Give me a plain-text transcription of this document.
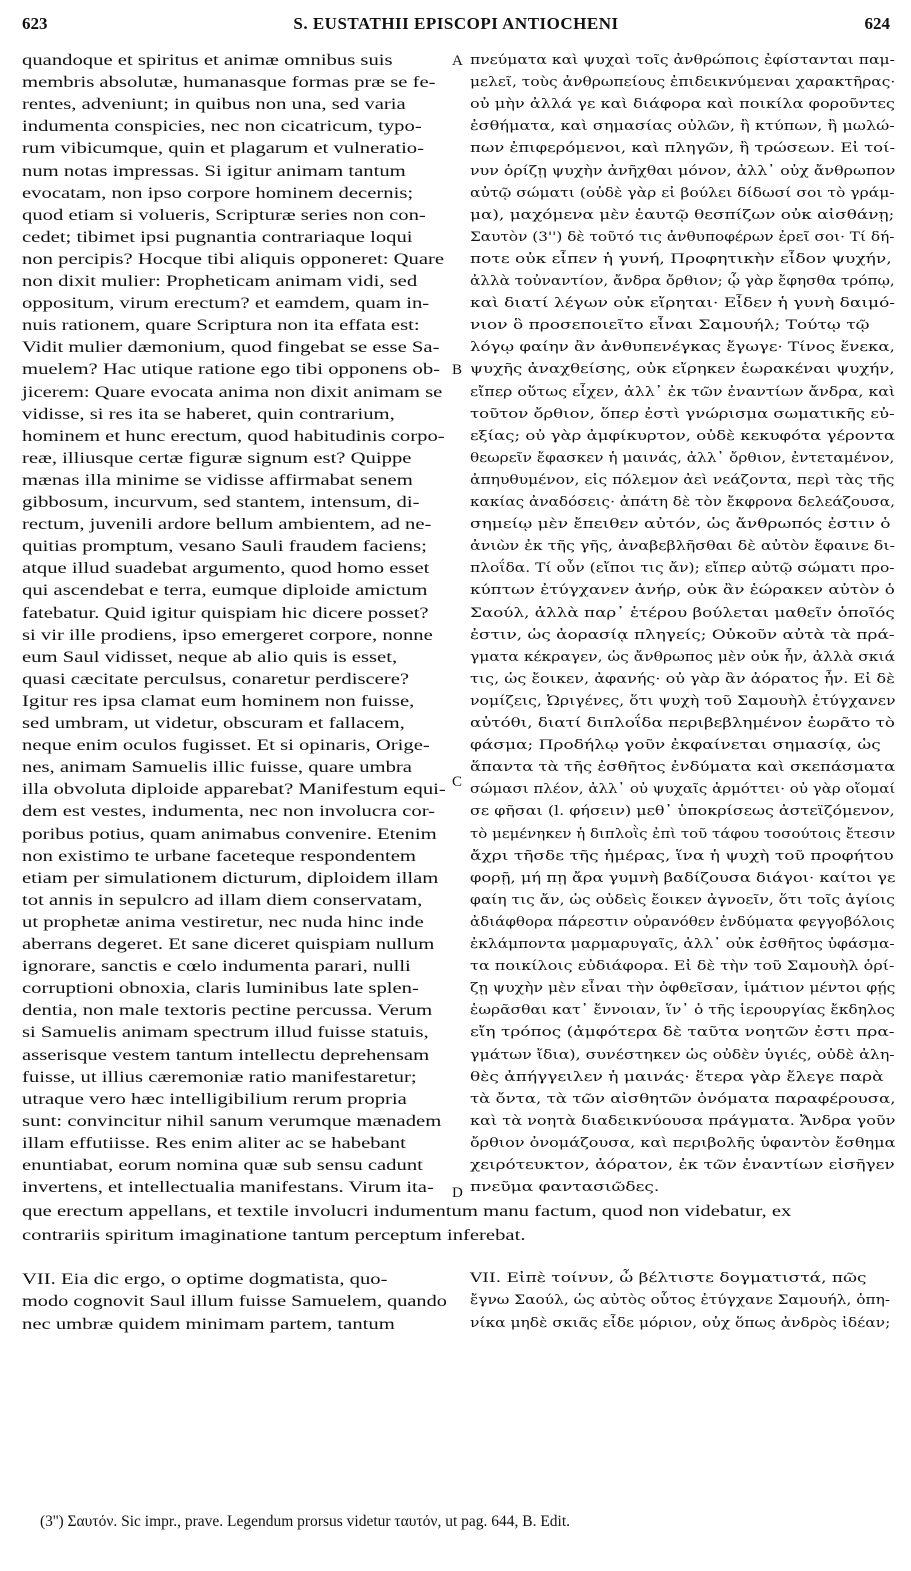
623	S. EUSTATHII EPISCOPI ANTIOCHENI	624
quandoque et spiritus et animæ omnibus suis
membris absolutæ, humanasque formas præ se fe-
rentes, adveniunt; in quibus non una, sed varia
indumenta conspicies, nec non cicatricum, typo-
rum vibicumque, quin et plagarum et vulneratio-
num notas impressas. Si igitur animam tantum
evocatam, non ipso corpore hominem decernis;
quod etiam si volueris, Scripturæ series non con-
cedet; tibimet ipsi pugnantia contrariaque loqui
non percipis? Hocque tibi aliquis opponeret: Quare
non dixit mulier: Propheticam animam vidi, sed
oppositum, virum erectum? et eamdem, quam in-
nuis rationem, quare Scriptura non ita effata est:
Vidit mulier dæmonium, quod fingebat se esse Sa-
muelem? Hac utique ratione ego tibi opponens ob-
jicerem: Quare evocata anima non dixit animam se
vidisse, si res ita se haberet, quin contrarium,
hominem et hunc erectum, quod habitudinis corpo-
reæ, illiusque certæ figuræ signum est? Quippe
mænas illa minime se vidisse affirmabat senem
gibbosum, incurvum, sed stantem, intensum, di-
rectum, juvenili ardore bellum ambientem, ad ne-
quitias promptum, vesano Sauli fraudem faciens;
atque illud suadebat argumento, quod homo esset
qui ascendebat e terra, eumque diploide amictum
fatebatur. Quid igitur quispiam hic dicere posset?
si vir ille prodiens, ipso emergeret corpore, nonne
eum Saul vidisset, neque ab alio quis is esset,
quasi cæcitate perculsus, conaretur perdiscere?
Igitur res ipsa clamat eum hominem non fuisse,
sed umbram, ut videtur, obscuram et fallacem,
neque enim oculos fugisset. Et si opinaris, Orige-
nes, animam Samuelis illic fuisse, quare umbra
illa obvoluta diploide apparebat? Manifestum equi-
dem est vestes, indumenta, nec non involucra cor-
poribus potius, quam animabus convenire. Etenim
non existimo te urbane faceteque respondentem
etiam per simulationem dicturum, diploidem illam
tot annis in sepulcro ad illam diem conservatam,
ut prophetæ anima vestiretur, nec nuda hinc inde
aberrans degeret. Et sane diceret quispiam nullum
ignorare, sanctis e cœlo indumenta parari, nulli
corruptioni obnoxia, claris luminibus late splen-
dentia, non male textoris pectine percussa. Verum
si Samuelis animam spectrum illud fuisse statuis,
asserisque vestem tantum intellectu deprehensam
fuisse, ut illius cæremoniæ ratio manifestaretur;
utraque vero hæc intelligibilium rerum propria
sunt: convincitur nihil sanum verumque mænadem
illam effutiisse. Res enim aliter ac se habebant
enuntiabat, eorum nomina quæ sub sensu cadunt
invertens, et intellectualia manifestans. Virum ita-
πνεύματα καὶ ψυχαὶ τοῖς ἀνθρώποις ἐφίστανται παμ-
μελεῖ, τοὺς ἀνθρωπείους ἐπιδεικνύμεναι χαρακτῆρας·
οὐ μὴν ἀλλά γε καὶ διάφορα καὶ ποικίλα φοροῦντες
ἐσθήματα, καὶ σημασίας οὐλῶν, ἢ κτύπων, ἢ μωλώ-
πων ἐπιφερόμενοι, καὶ πληγῶν, ἢ τρώσεων. Εἰ τοί-
νυν ὁρίζῃ ψυχὴν ἀνῆχθαι μόνον, ἀλλ᾽ οὐχ ἄνθρωπον
αὐτῷ σώματι (οὐδὲ γὰρ εἰ βούλει δίδωσί σοι τὸ γράμ-
μα), μαχόμενα μὲν ἑαυτῷ θεσπίζων οὐκ αἰσθάνῃ;
Σαυτὸν (3'') δὲ τοῦτό τις ἀνθυποφέρων ἐρεῖ σοι· Τί δή-
ποτε οὐκ εἶπεν ἡ γυνή, Προφητικὴν εἶδον ψυχήν,
ἀλλὰ τοὐναντίον, ἄνδρα ὄρθιον; ᾧ γὰρ ἔφησθα τρόπῳ,
καὶ διατί λέγων οὐκ εἴρηται· Εἶδεν ἡ γυνὴ δαιμό-
νιον ὃ προσεποιεῖτο εἶναι Σαμουήλ; Τούτῳ τῷ
λόγῳ φαίην ἂν ἀνθυπενέγκας ἔγωγε· Τίνος ἕνεκα,
ψυχῆς ἀναχθείσης, οὐκ εἴρηκεν ἑωρακέναι ψυχήν,
εἴπερ οὕτως εἶχεν, ἀλλ᾽ ἐκ τῶν ἐναντίων ἄνδρα, καὶ
τοῦτον ὄρθιον, ὅπερ ἐστὶ γνώρισμα σωματικῆς εὐ-
εξίας; οὐ γὰρ ἀμφίκυρτον, οὐδὲ κεκυφότα γέροντα
θεωρεῖν ἔφασκεν ἡ μαινάς, ἀλλ᾽ ὄρθιον, ἐντεταμένον,
ἀπηυθυμένον, εἰς πόλεμον ἀεὶ νεάζοντα, περὶ τὰς τῆς
κακίας ἀναδόσεις· ἀπάτη δὲ τὸν ἔκφρονα δελεάζουσα,
σημείῳ μὲν ἔπειθεν αὐτόν, ὡς ἄνθρωπός ἐστιν ὁ
ἀνιὼν ἐκ τῆς γῆς, ἀναβεβλῆσθαι δὲ αὐτὸν ἔφαινε δι-
πλοΐδα. Τί οὖν (εἴποι τις ἄν); εἴπερ αὐτῷ σώματι προ-
κύπτων ἐτύγχανεν ἀνήρ, οὐκ ἂν ἑώρακεν αὐτὸν ὁ
Σαούλ, ἀλλὰ παρ᾽ ἑτέρου βούλεται μαθεῖν ὁποῖός
ἐστιν, ὡς ἀορασίᾳ πληγείς; Οὐκοῦν αὐτὰ τὰ πρά-
γματα κέκραγεν, ὡς ἄνθρωπος μὲν οὐκ ἦν, ἀλλὰ σκιά
τις, ὡς ἔοικεν, ἀφανής· οὐ γὰρ ἂν ἀόρατος ἦν. Εἰ δὲ
νομίζεις, Ὠριγένες, ὅτι ψυχὴ τοῦ Σαμουὴλ ἐτύγχανεν
αὐτόθι, διατί διπλοΐδα περιβεβλημένον ἑωρᾶτο τὸ
φάσμα; Προδήλῳ γοῦν ἐκφαίνεται σημασίᾳ, ὡς
ἅπαντα τὰ τῆς ἐσθῆτος ἐνδύματα καὶ σκεπάσματα
σώμασι πλέον, ἀλλ᾽ οὐ ψυχαῖς ἁρμόττει· οὐ γὰρ οἴομαί
σε φῆσαι (l. φήσειν) μεθ᾽ ὑποκρίσεως ἀστεϊζόμενον,
τὸ μεμένηκεν ἡ διπλοῒς ἐπὶ τοῦ τάφου τοσούτοις ἔτεσιν
ἄχρι τῆσδε τῆς ἡμέρας, ἵνα ἡ ψυχὴ τοῦ προφήτου
φορῇ, μή πῃ ἄρα γυμνὴ βαδίζουσα διάγοι· καίτοι γε
φαίη τις ἄν, ὡς οὐδεὶς ἔοικεν ἀγνοεῖν, ὅτι τοῖς ἁγίοις
ἀδιάφθορα πάρεστιν οὐρανόθεν ἐνδύματα φεγγοβόλοις
ἐκλάμποντα μαρμαρυγαῖς, ἀλλ᾽ οὐκ ἐσθῆτος ὑφάσμα-
τα ποικίλοις εὐδιάφορα. Εἰ δὲ τὴν τοῦ Σαμουὴλ ὁρί-
ζῃ ψυχὴν μὲν εἶναι τὴν ὀφθεῖσαν, ἱμάτιον μέντοι φῄς
ἑωρᾶσθαι κατ᾽ ἔννοιαν, ἵν᾽ ὁ τῆς ἱερουργίας ἔκδηλος
εἴη τρόπος (ἀμφότερα δὲ ταῦτα νοητῶν ἐστι πρα-
γμάτων ἴδια), συνέστηκεν ὡς οὐδὲν ὑγιές, οὐδὲ ἀλη-
θὲς ἀπήγγειλεν ἡ μαινάς· ἕτερα γὰρ ἔλεγε παρὰ
τὰ ὄντα, τὰ τῶν αἰσθητῶν ὀνόματα παραφέρουσα,
καὶ τὰ νοητὰ διαδεικνύουσα πράγματα. Ἄνδρα γοῦν
ὄρθιον ὀνομάζουσα, καὶ περιβολῆς ὑφαντὸν ἔσθημα
χειρότευκτον, ἀόρατον, ἐκ τῶν ἐναντίων εἰσῆγεν
πνεῦμα φαντασιῶδες.
que erectum appellans, et textile involucri indumentum manu factum, quod non videbatur, ex
contrariis spiritum imaginatione tantum perceptum inferebat.
VII. Eia dic ergo, o optime dogmatista, quo-
modo cognovit Saul illum fuisse Samuelem, quando
nec umbræ quidem minimam partem, tantum
VII. Εἰπὲ τοίνυν, ὦ βέλτιστε δογματιστά, πῶς
ἔγνω Σαούλ, ὡς αὐτὸς οὗτος ἐτύγχανε Σαμουήλ, ὁπη-
νίκα μηδὲ σκιᾶς εἶδε μόριον, οὐχ ὅπως ἀνδρὸς ἰδέαν;
A
B
C
D
(3'') Σαυτόν. Sic impr., prave. Legendum prorsus videtur ταυτόν, ut pag. 644, B. Edit.
